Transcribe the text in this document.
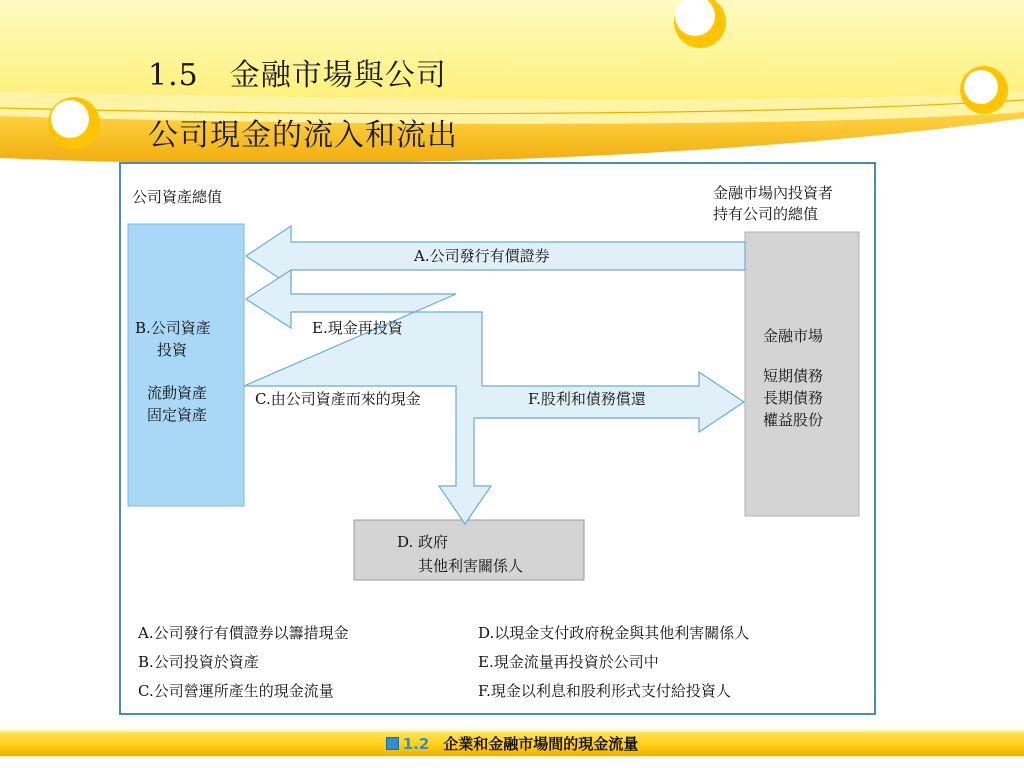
1.5　金融市場與公司
公司現金的流入和流出
公司資產總值	金融市場內投資者
持有公司的總值
A.公司發行有價證券
E.現金再投資
C.由公司資產而來的現金	F.股利和債務償還
B.公司資產
投資
流動資產
固定資產
金融市場
短期債務
長期債務
權益股份
D. 政府
其他利害關係人
A.公司發行有價證券以籌措現金
B.公司投資於資產
C.公司營運所產生的現金流量
D.以現金支付政府稅金與其他利害關係人
E.現金流量再投資於公司中
F.現金以利息和股利形式支付給投資人
1.2 企業和金融市場間的現金流量
